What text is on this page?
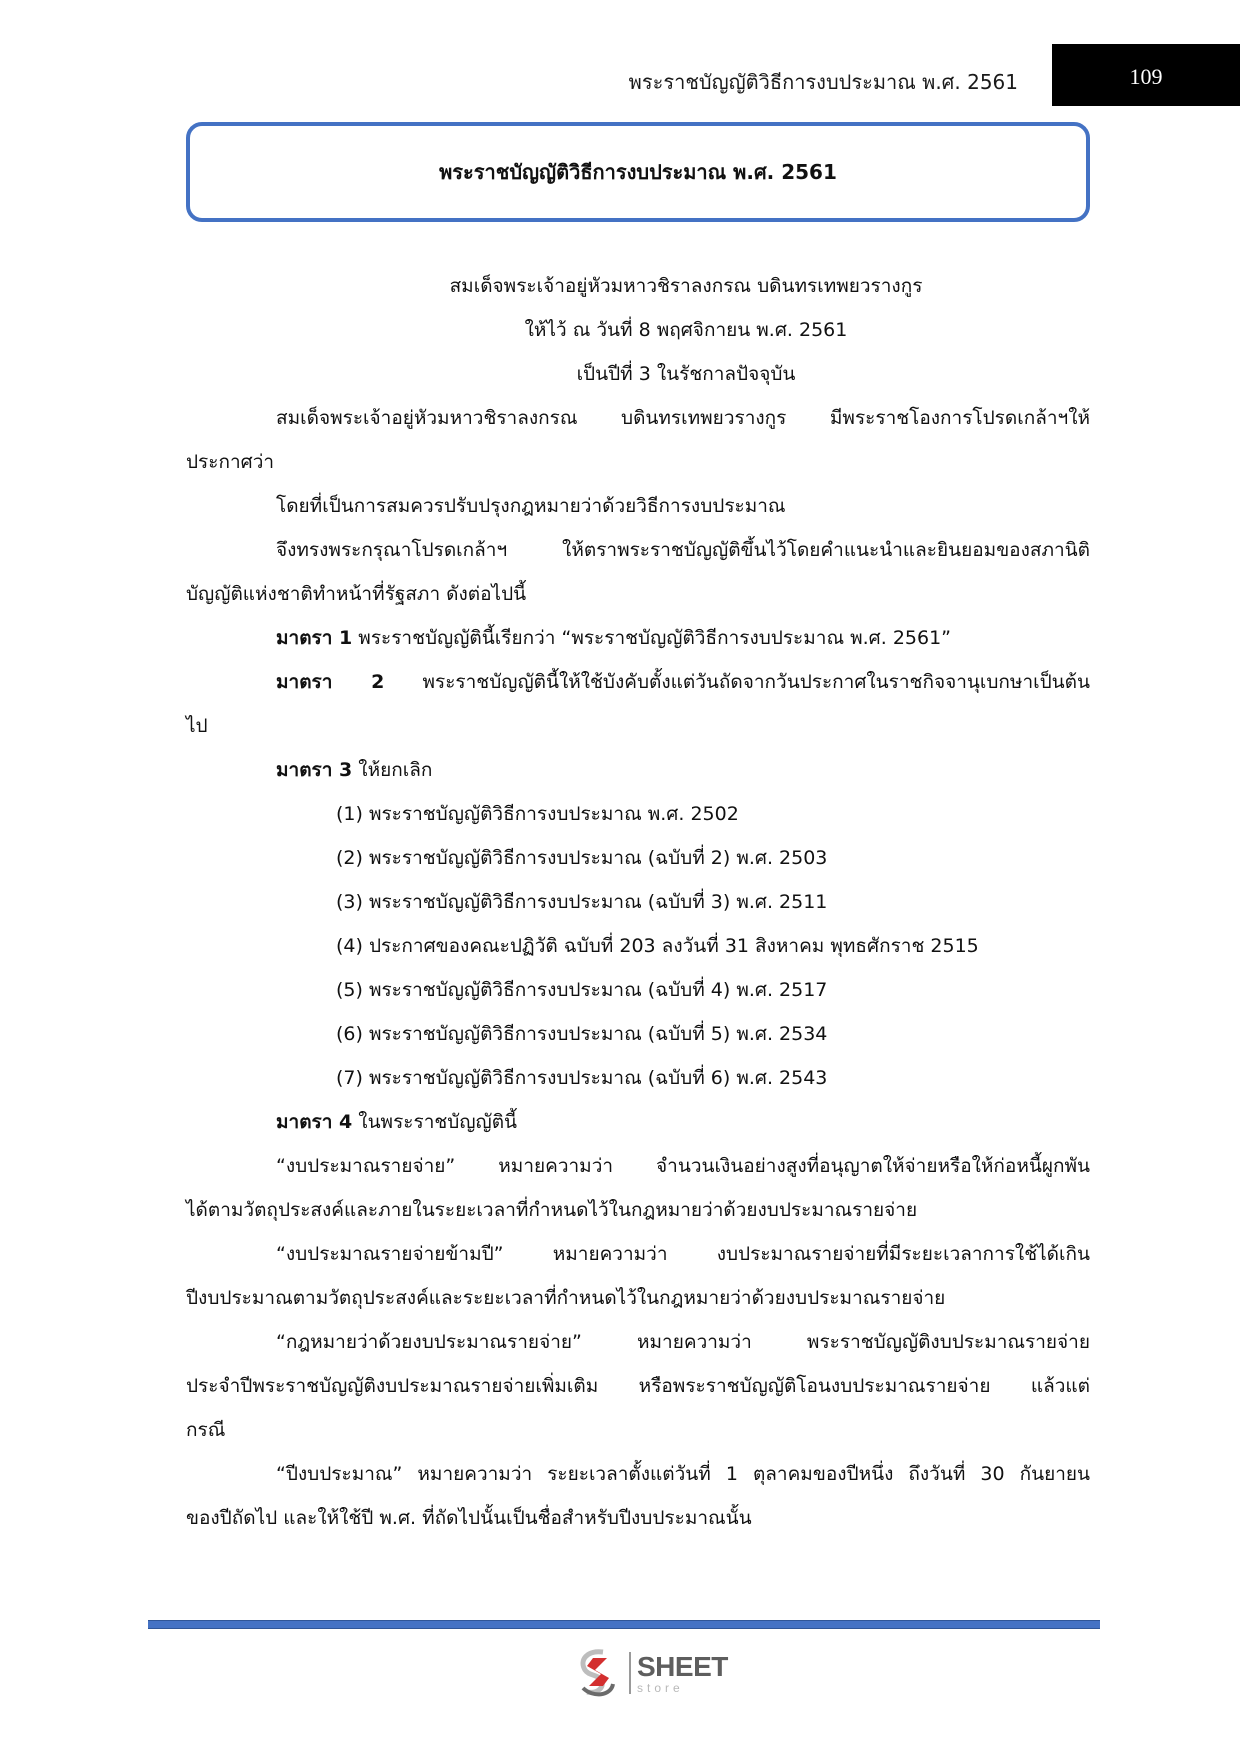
พระราชบัญญัติวิธีการงบประมาณ พ.ศ. 2561	109
พระราชบัญญัติวิธีการงบประมาณ พ.ศ. 2561
สมเด็จพระเจ้าอยู่หัวมหาวชิราลงกรณ บดินทรเทพยวรางกูร
ให้ไว้ ณ วันที่ 8 พฤศจิกายน พ.ศ. 2561
เป็นปีที่ 3 ในรัชกาลปัจจุบัน
สมเด็จพระเจ้าอยู่หัวมหาวชิราลงกรณ บดินทรเทพยวรางกูร มีพระราชโองการโปรดเกล้าฯให้
ประกาศว่า
โดยที่เป็นการสมควรปรับปรุงกฎหมายว่าด้วยวิธีการงบประมาณ
จึงทรงพระกรุณาโปรดเกล้าฯ ให้ตราพระราชบัญญัติขึ้นไว้โดยคำแนะนำและยินยอมของสภานิติ
บัญญัติแห่งชาติทำหน้าที่รัฐสภา ดังต่อไปนี้
มาตรา 1 พระราชบัญญัตินี้เรียกว่า “พระราชบัญญัติวิธีการงบประมาณ พ.ศ. 2561”
มาตรา 2 พระราชบัญญัตินี้ให้ใช้บังคับตั้งแต่วันถัดจากวันประกาศในราชกิจจานุเบกษาเป็นต้น
ไป
มาตรา 3 ให้ยกเลิก
(1) พระราชบัญญัติวิธีการงบประมาณ พ.ศ. 2502
(2) พระราชบัญญัติวิธีการงบประมาณ (ฉบับที่ 2) พ.ศ. 2503
(3) พระราชบัญญัติวิธีการงบประมาณ (ฉบับที่ 3) พ.ศ. 2511
(4) ประกาศของคณะปฏิวัติ ฉบับที่ 203 ลงวันที่ 31 สิงหาคม พุทธศักราช 2515
(5) พระราชบัญญัติวิธีการงบประมาณ (ฉบับที่ 4) พ.ศ. 2517
(6) พระราชบัญญัติวิธีการงบประมาณ (ฉบับที่ 5) พ.ศ. 2534
(7) พระราชบัญญัติวิธีการงบประมาณ (ฉบับที่ 6) พ.ศ. 2543
มาตรา 4 ในพระราชบัญญัตินี้
“งบประมาณรายจ่าย” หมายความว่า จำนวนเงินอย่างสูงที่อนุญาตให้จ่ายหรือให้ก่อหนี้ผูกพัน
ได้ตามวัตถุประสงค์และภายในระยะเวลาที่กำหนดไว้ในกฎหมายว่าด้วยงบประมาณรายจ่าย
“งบประมาณรายจ่ายข้ามปี” หมายความว่า งบประมาณรายจ่ายที่มีระยะเวลาการใช้ได้เกิน
ปีงบประมาณตามวัตถุประสงค์และระยะเวลาที่กำหนดไว้ในกฎหมายว่าด้วยงบประมาณรายจ่าย
“กฎหมายว่าด้วยงบประมาณรายจ่าย” หมายความว่า พระราชบัญญัติงบประมาณรายจ่าย
ประจำปีพระราชบัญญัติงบประมาณรายจ่ายเพิ่มเติม หรือพระราชบัญญัติโอนงบประมาณรายจ่าย แล้วแต่
กรณี
“ปีงบประมาณ” หมายความว่า ระยะเวลาตั้งแต่วันที่ 1 ตุลาคมของปีหนึ่ง ถึงวันที่ 30 กันยายน
ของปีถัดไป และให้ใช้ปี พ.ศ. ที่ถัดไปนั้นเป็นชื่อสำหรับปีงบประมาณนั้น
SHEET
store
